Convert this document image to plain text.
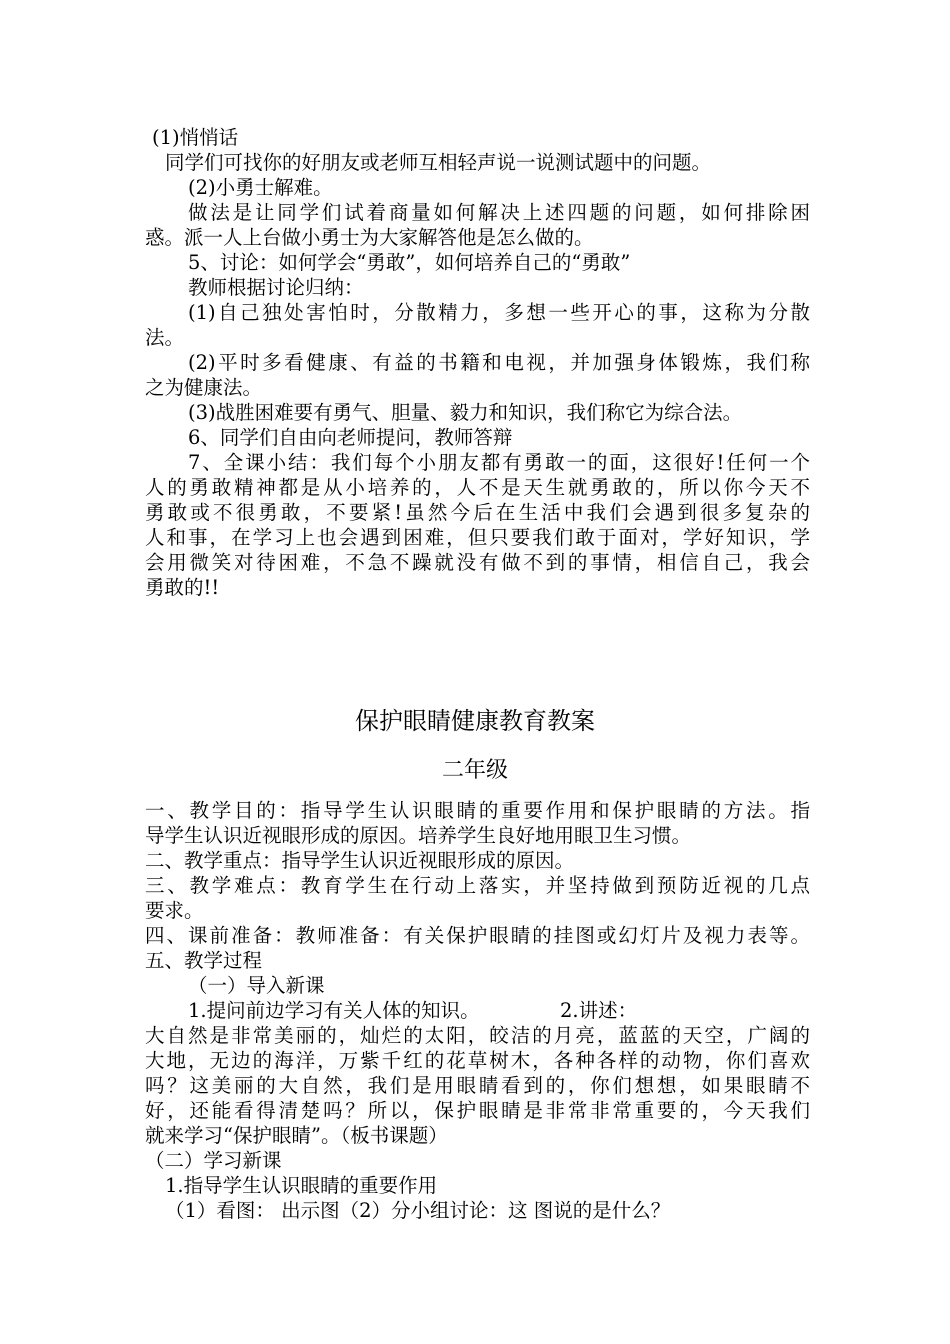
(1)悄悄话
同学们可找你的好朋友或老师互相轻声说一说测试题中的问题。
(2)小勇士解难。
做法是让同学们试着商量如何解决上述四题的问题，如何排除困
惑。派一人上台做小勇士为大家解答他是怎么做的。
5、讨论：如何学会“勇敢”，如何培养自己的“勇敢”
教师根据讨论归纳：
(1)自己独处害怕时，分散精力，多想一些开心的事，这称为分散
法。
(2)平时多看健康、有益的书籍和电视，并加强身体锻炼，我们称
之为健康法。
(3)战胜困难要有勇气、胆量、毅力和知识，我们称它为综合法。
6、同学们自由向老师提问，教师答辩
7、全课小结：我们每个小朋友都有勇敢一的面，这很好!任何一个
人的勇敢精神都是从小培养的，人不是天生就勇敢的，所以你今天不
勇敢或不很勇敢，不要紧!虽然今后在生活中我们会遇到很多复杂的
人和事，在学习上也会遇到困难，但只要我们敢于面对，学好知识，学
会用微笑对待困难，不急不躁就没有做不到的事情，相信自己，我会
勇敢的!!
保护眼睛健康教育教案
二年级
一、教学目的：指导学生认识眼睛的重要作用和保护眼睛的方法。指
导学生认识近视眼形成的原因。培养学生良好地用眼卫生习惯。
二、教学重点：指导学生认识近视眼形成的原因。
三、教学难点：教育学生在行动上落实，并坚持做到预防近视的几点
要求。
四、课前准备：教师准备：有关保护眼睛的挂图或幻灯片及视力表等。
五、教学过程
（一）导入新课
1.提问前边学习有关人体的知识。	2.讲述：
大自然是非常美丽的，灿烂的太阳，皎洁的月亮，蓝蓝的天空，广阔的
大地，无边的海洋，万紫千红的花草树木，各种各样的动物，你们喜欢
吗？这美丽的大自然，我们是用眼睛看到的，你们想想，如果眼睛不
好，还能看得清楚吗？所以，保护眼睛是非常非常重要的，今天我们
就来学习“保护眼睛”。（板书课题）
（二）学习新课
1.指导学生认识眼睛的重要作用
（1）看图： 出示图（2）分小组讨论：这 图说的是什么？
